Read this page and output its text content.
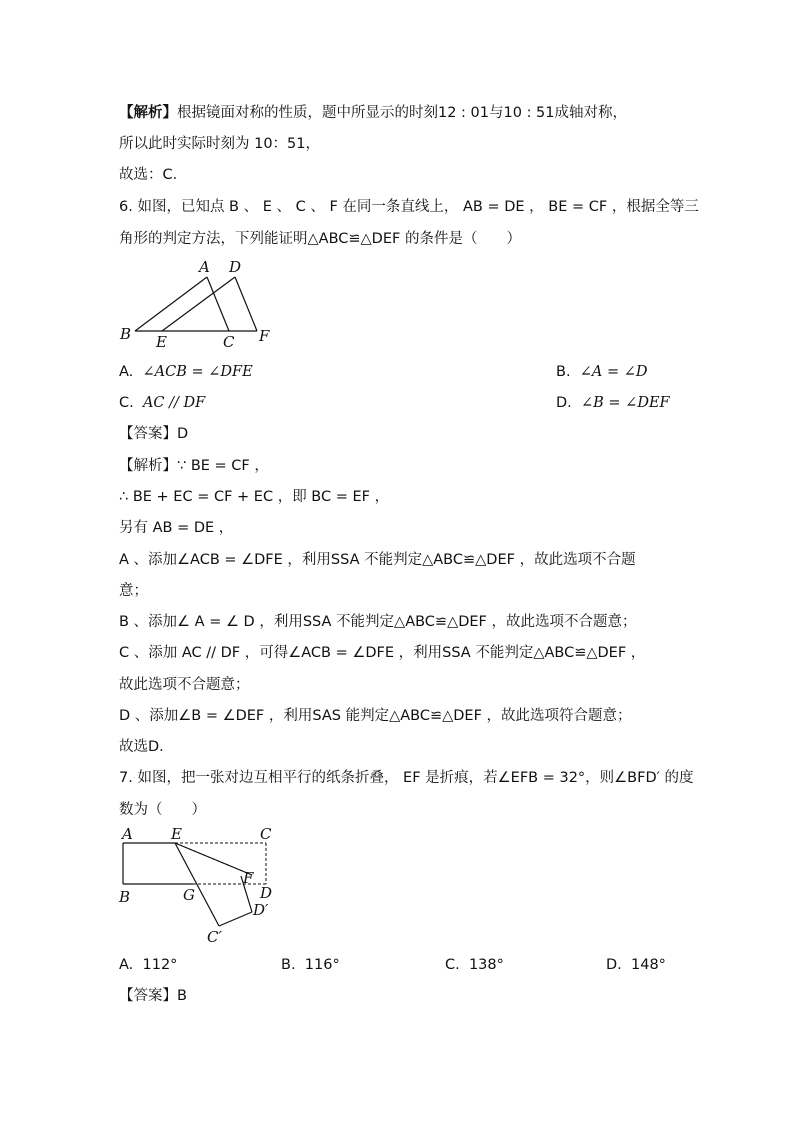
【解析】根据镜面对称的性质，题中所显示的时刻12 : 01与10 : 51成轴对称，
所以此时实际时刻为 10：51，
故选：C．
6. 如图，已知点 B 、 E 、 C 、 F 在同一条直线上， AB = DE ， BE = CF ，根据全等三
角形的判定方法，下列能证明△ABC≌△DEF 的条件是（　　）
A D
B E	C F
A. ∠ACB = ∠DFE	B. ∠A = ∠D
C. AC // DF	D. ∠B = ∠DEF
【答案】D
【解析】∵ BE = CF ，
∴ BE + EC = CF + EC ，即 BC = EF ，
另有 AB = DE ，
A 、添加∠ACB = ∠DFE ，利用SSA 不能判定△ABC≌△DEF ，故此选项不合题
意；
B 、添加∠ A = ∠ D ，利用SSA 不能判定△ABC≌△DEF ，故此选项不合题意；
C 、添加 AC // DF ，可得∠ACB = ∠DFE ，利用SSA 不能判定△ABC≌△DEF ，
故此选项不合题意；
D 、添加∠B = ∠DEF ，利用SAS 能判定△ABC≌△DEF ，故此选项符合题意；
故选D．
7. 如图，把一张对边互相平行的纸条折叠， EF 是折痕，若∠EFB = 32°，则∠BFD′ 的度
数为（　　）
A	E	C
B	G
F
D
D′
C′
A. 112°	B. 116°	C. 138°	D. 148°
【答案】B
